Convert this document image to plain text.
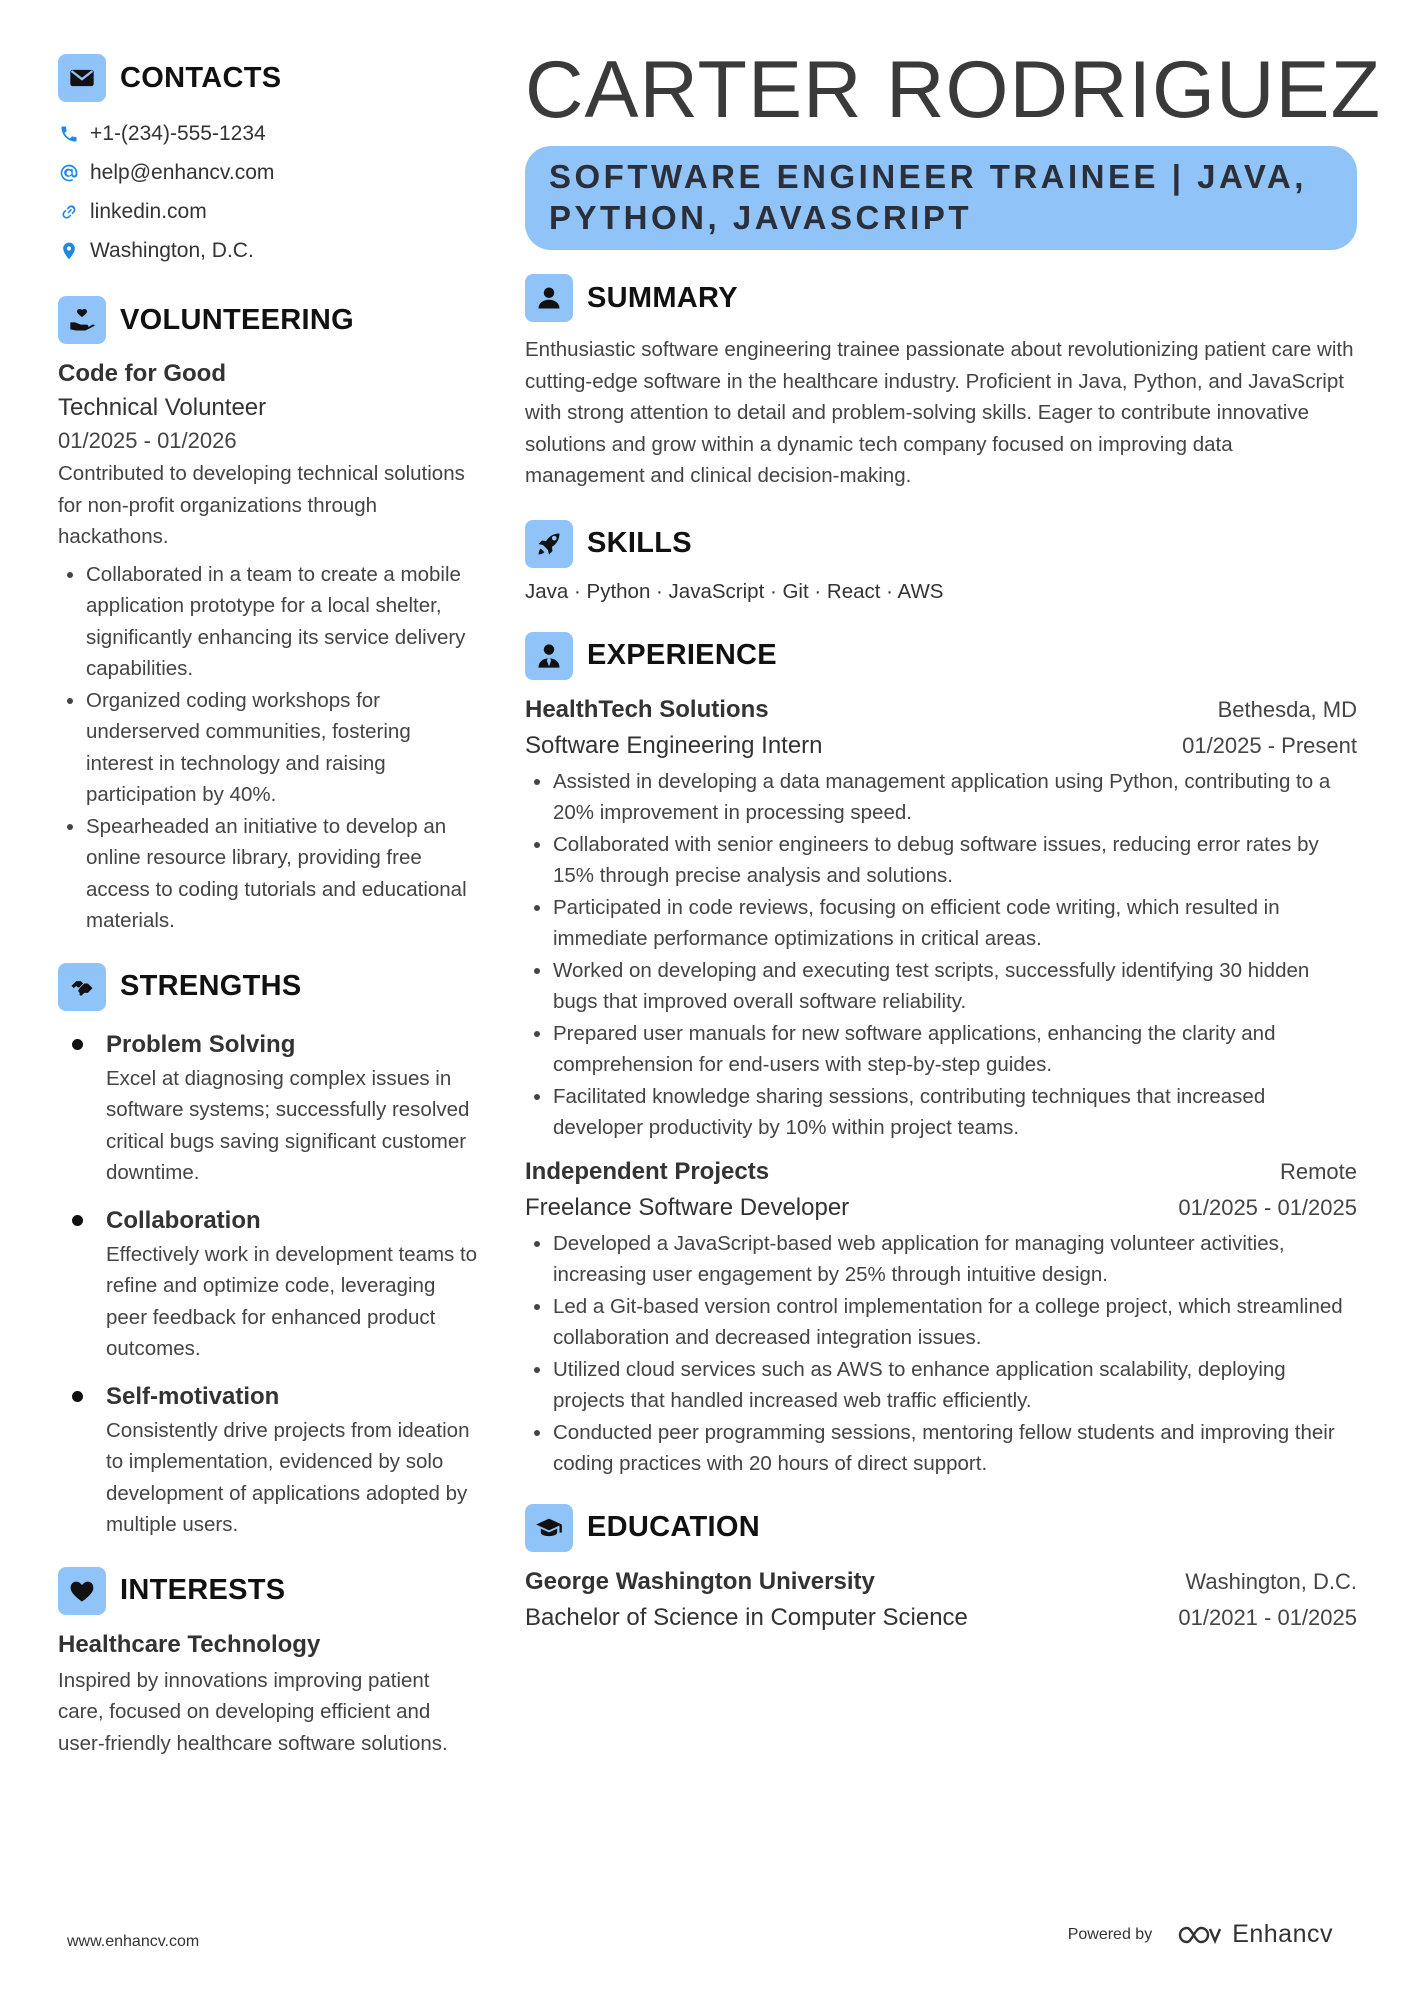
CONTACTS
+1-(234)-555-1234
help@enhancv.com
linkedin.com
Washington, D.C.
VOLUNTEERING
Code for Good
Technical Volunteer
01/2025 - 01/2026
Contributed to developing technical solutions for non-profit organizations through hackathons.
• Collaborated in a team to create a mobile application prototype for a local shelter, significantly enhancing its service delivery capabilities.
• Organized coding workshops for underserved communities, fostering interest in technology and raising participation by 40%.
• Spearheaded an initiative to develop an online resource library, providing free access to coding tutorials and educational materials.
STRENGTHS
Problem Solving
Excel at diagnosing complex issues in software systems; successfully resolved critical bugs saving significant customer downtime.
Collaboration
Effectively work in development teams to refine and optimize code, leveraging peer feedback for enhanced product outcomes.
Self-motivation
Consistently drive projects from ideation to implementation, evidenced by solo development of applications adopted by multiple users.
INTERESTS
Healthcare Technology
Inspired by innovations improving patient care, focused on developing efficient and user-friendly healthcare software solutions.
CARTER RODRIGUEZ
SOFTWARE ENGINEER TRAINEE | JAVA, PYTHON, JAVASCRIPT
SUMMARY
Enthusiastic software engineering trainee passionate about revolutionizing patient care with cutting-edge software in the healthcare industry. Proficient in Java, Python, and JavaScript with strong attention to detail and problem-solving skills. Eager to contribute innovative solutions and grow within a dynamic tech company focused on improving data management and clinical decision-making.
SKILLS
Java · Python · JavaScript · Git · React · AWS
EXPERIENCE
HealthTech Solutions	Bethesda, MD
Software Engineering Intern	01/2025 - Present
• Assisted in developing a data management application using Python, contributing to a 20% improvement in processing speed.
• Collaborated with senior engineers to debug software issues, reducing error rates by 15% through precise analysis and solutions.
• Participated in code reviews, focusing on efficient code writing, which resulted in immediate performance optimizations in critical areas.
• Worked on developing and executing test scripts, successfully identifying 30 hidden bugs that improved overall software reliability.
• Prepared user manuals for new software applications, enhancing the clarity and comprehension for end-users with step-by-step guides.
• Facilitated knowledge sharing sessions, contributing techniques that increased developer productivity by 10% within project teams.
Independent Projects	Remote
Freelance Software Developer	01/2025 - 01/2025
• Developed a JavaScript-based web application for managing volunteer activities, increasing user engagement by 25% through intuitive design.
• Led a Git-based version control implementation for a college project, which streamlined collaboration and decreased integration issues.
• Utilized cloud services such as AWS to enhance application scalability, deploying projects that handled increased web traffic efficiently.
• Conducted peer programming sessions, mentoring fellow students and improving their coding practices with 20 hours of direct support.
EDUCATION
George Washington University	Washington, D.C.
Bachelor of Science in Computer Science	01/2021 - 01/2025
www.enhancv.com	Powered by	Enhancv
